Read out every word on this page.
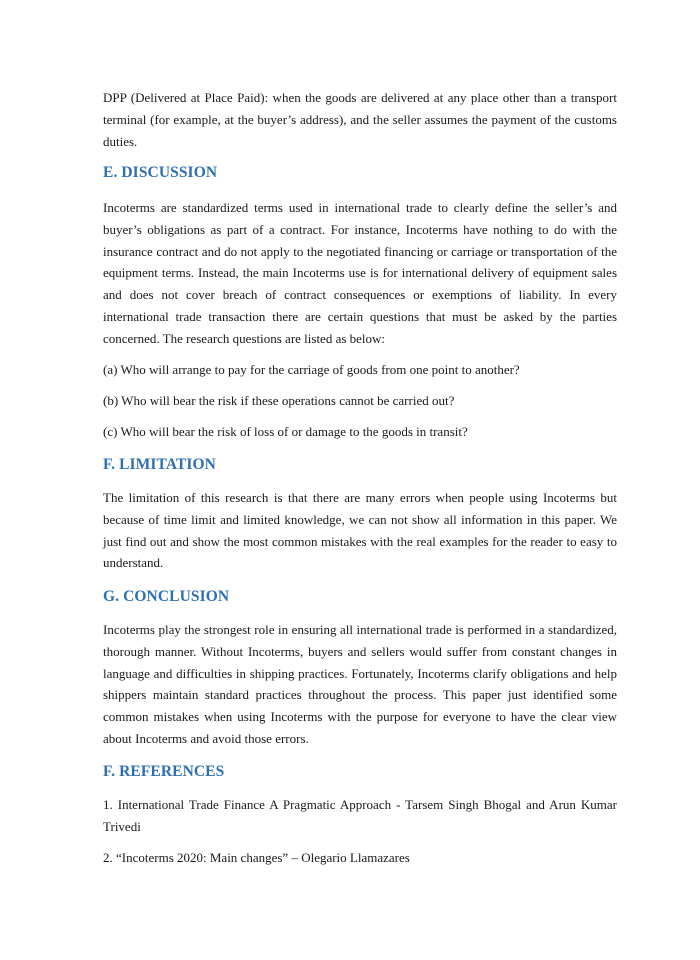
DPP (Delivered at Place Paid): when the goods are delivered at any place other than a transport terminal (for example, at the buyer’s address), and the seller assumes the payment of the customs duties.

E. DISCUSSION

Incoterms are standardized terms used in international trade to clearly define the seller’s and buyer’s obligations as part of a contract. For instance, Incoterms have nothing to do with the insurance contract and do not apply to the negotiated financing or carriage or transportation of the equipment terms. Instead, the main Incoterms use is for international delivery of equipment sales and does not cover breach of contract consequences or exemptions of liability. In every international trade transaction there are certain questions that must be asked by the parties concerned. The research questions are listed as below:

(a) Who will arrange to pay for the carriage of goods from one point to another?

(b) Who will bear the risk if these operations cannot be carried out?

(c) Who will bear the risk of loss of or damage to the goods in transit?

F. LIMITATION

The limitation of this research is that there are many errors when people using Incoterms but because of time limit and limited knowledge, we can not show all information in this paper. We just find out and show the most common mistakes with the real examples for the reader to easy to understand.

G. CONCLUSION

Incoterms play the strongest role in ensuring all international trade is performed in a standardized, thorough manner. Without Incoterms, buyers and sellers would suffer from constant changes in language and difficulties in shipping practices. Fortunately, Incoterms clarify obligations and help shippers maintain standard practices throughout the process. This paper just identified some common mistakes when using Incoterms with the purpose for everyone to have the clear view about Incoterms and avoid those errors.

F. REFERENCES

1. International Trade Finance A Pragmatic Approach - Tarsem Singh Bhogal and Arun Kumar Trivedi

2. “Incoterms 2020: Main changes” – Olegario Llamazares
